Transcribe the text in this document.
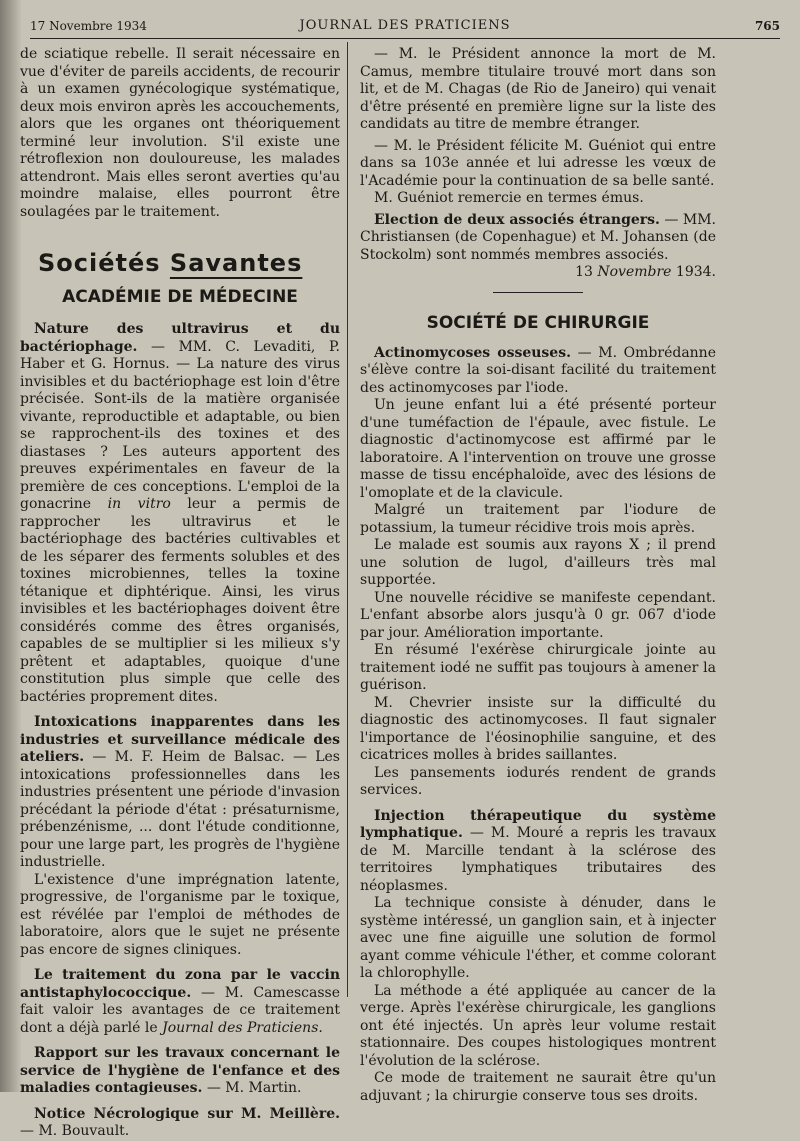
17 Novembre 1934	JOURNAL DES PRATICIENS	765

de sciatique rebelle. Il serait nécessaire en vue d'éviter de pareils accidents, de recourir à un examen gynécologique systématique, deux mois environ après les accouchements, alors que les organes ont théoriquement terminé leur involution. S'il existe une rétroflexion non douloureuse, les malades attendront. Mais elles seront averties qu'au moindre malaise, elles pourront être soulagées par le traitement.

Sociétés Savantes
ACADÉMIE DE MÉDECINE

Nature des ultravirus et du bactériophage. — MM. C. Levaditi, P. Haber et G. Hornus. — La nature des virus invisibles et du bactériophage est loin d'être précisée. Sont-ils de la matière organisée vivante, reproductible et adaptable, ou bien se rapprochent-ils des toxines et des diastases ? Les auteurs apportent des preuves expérimentales en faveur de la première de ces conceptions. L'emploi de la gonacrine in vitro leur a permis de rapprocher les ultravirus et le bactériophage des bactéries cultivables et de les séparer des ferments solubles et des toxines microbiennes, telles la toxine tétanique et diphtérique. Ainsi, les virus invisibles et les bactériophages doivent être considérés comme des êtres organisés, capables de se multiplier si les milieux s'y prêtent et adaptables, quoique d'une constitution plus simple que celle des bactéries proprement dites.

Intoxications inapparentes dans les industries et surveillance médicale des ateliers. — M. F. Heim de Balsac. — Les intoxications professionnelles dans les industries présentent une période d'invasion précédant la période d'état : présaturnisme, prébenzénisme, ... dont l'étude conditionne, pour une large part, les progrès de l'hygiène industrielle.

L'existence d'une imprégnation latente, progressive, de l'organisme par le toxique, est révélée par l'emploi de méthodes de laboratoire, alors que le sujet ne présente pas encore de signes cliniques.

Le traitement du zona par le vaccin antistaphylococcique. — M. Camescasse fait valoir les avantages de ce traitement dont a déjà parlé le Journal des Praticiens.

Rapport sur les travaux concernant le service de l'hygiène de l'enfance et des maladies contagieuses. — M. Martin.

Notice Nécrologique sur M. Meillère. — M. Bouvault.

— M. le Président annonce la mort de M. Camus, membre titulaire trouvé mort dans son lit, et de M. Chagas (de Rio de Janeiro) qui venait d'être présenté en première ligne sur la liste des candidats au titre de membre étranger.

— M. le Président félicite M. Guéniot qui entre dans sa 103e année et lui adresse les vœux de l'Académie pour la continuation de sa belle santé.

M. Guéniot remercie en termes émus.

Election de deux associés étrangers. — MM. Christiansen (de Copenhague) et M. Johansen (de Stockolm) sont nommés membres associés.

13 Novembre 1934.

SOCIÉTÉ DE CHIRURGIE

Actinomycoses osseuses. — M. Ombrédanne s'élève contre la soi-disant facilité du traitement des actinomycoses par l'iode.

Un jeune enfant lui a été présenté porteur d'une tuméfaction de l'épaule, avec fistule. Le diagnostic d'actinomycose est affirmé par le laboratoire. A l'intervention on trouve une grosse masse de tissu encéphaloïde, avec des lésions de l'omoplate et de la clavicule.

Malgré un traitement par l'iodure de potassium, la tumeur récidive trois mois après.

Le malade est soumis aux rayons X ; il prend une solution de lugol, d'ailleurs très mal supportée.

Une nouvelle récidive se manifeste cependant. L'enfant absorbe alors jusqu'à 0 gr. 067 d'iode par jour. Amélioration importante.

En résumé l'exérèse chirurgicale jointe au traitement iodé ne suffit pas toujours à amener la guérison.

M. Chevrier insiste sur la difficulté du diagnostic des actinomycoses. Il faut signaler l'importance de l'éosinophilie sanguine, et des cicatrices molles à brides saillantes.

Les pansements iodurés rendent de grands services.

Injection thérapeutique du système lymphatique. — M. Mouré a repris les travaux de M. Marcille tendant à la sclérose des territoires lymphatiques tributaires des néoplasmes.

La technique consiste à dénuder, dans le système intéressé, un ganglion sain, et à injecter avec une fine aiguille une solution de formol ayant comme véhicule l'éther, et comme colorant la chlorophylle.

La méthode a été appliquée au cancer de la verge. Après l'exérèse chirurgicale, les ganglions ont été injectés. Un après leur volume restait stationnaire. Des coupes histologiques montrent l'évolution de la sclérose.

Ce mode de traitement ne saurait être qu'un adjuvant ; la chirurgie conserve tous ses droits.
